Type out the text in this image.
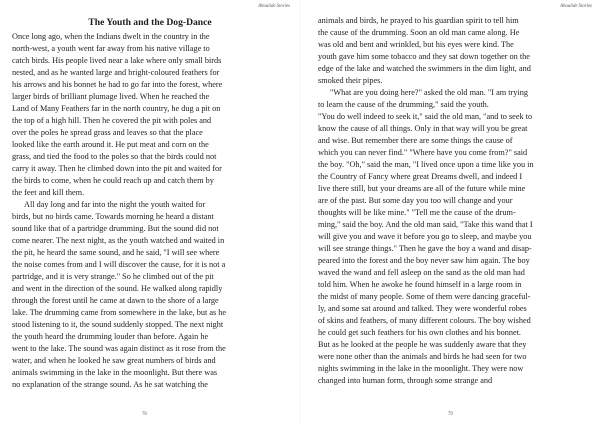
Ahoalide Stories
The Youth and the Dog-Dance

Once long ago, when the Indians dwelt in the country in the

north-west, a youth went far away from his native village to

catch birds. His people lived near a lake where only small birds

nested, and as he wanted large and bright-coloured feathers for

his arrows and his bonnet he had to go far into the forest, where

larger birds of brilliant plumage lived. When he reached the

Land of Many Feathers far in the north country, he dug a pit on

the top of a high hill. Then he covered the pit with poles and

over the poles he spread grass and leaves so that the place

looked like the earth around it. He put meat and corn on the

grass, and tied the food to the poles so that the birds could not

carry it away. Then he climbed down into the pit and waited for

the birds to come, when he could reach up and catch them by

the feet and kill them.

All day long and far into the night the youth waited for

birds, but no birds came. Towards morning he heard a distant

sound like that of a partridge drumming. But the sound did not

come nearer. The next night, as the youth watched and waited in

the pit, he heard the same sound, and he said, "I will see where

the noise comes from and I will discover the cause, for it is not a

partridge, and it is very strange." So he climbed out of the pit

and went in the direction of the sound. He walked along rapidly

through the forest until he came at dawn to the shore of a large

lake. The drumming came from somewhere in the lake, but as he

stood listening to it, the sound suddenly stopped. The next night

the youth heard the drumming louder than before. Again he

went to the lake. The sound was again distinct as it rose from the

water, and when he looked he saw great numbers of birds and

animals swimming in the lake in the moonlight. But there was

no explanation of the strange sound. As he sat watching the

78
Ahoalide Stories

animals and birds, he prayed to his guardian spirit to tell him

the cause of the drumming. Soon an old man came along. He

was old and bent and wrinkled, but his eyes were kind. The

youth gave him some tobacco and they sat down together on the

edge of the lake and watched the swimmers in the dim light, and

smoked their pipes.

"What are you doing here?" asked the old man. "I am trying

to learn the cause of the drumming," said the youth.

"You do well indeed to seek it," said the old man, "and to seek to

know the cause of all things. Only in that way will you be great

and wise. But remember there are some things the cause of

which you can never find." "Where have you come from?" said

the boy. "Oh," said the man, "I lived once upon a time like you in

the Country of Fancy where great Dreams dwell, and indeed I

live there still, but your dreams are all of the future while mine

are of the past. But some day you too will change and your

thoughts will be like mine." "Tell me the cause of the drum-

ming," said the boy. And the old man said, "Take this wand that I

will give you and wave it before you go to sleep, and maybe you

will see strange things." Then he gave the boy a wand and disap-

peared into the forest and the boy never saw him again. The boy

waved the wand and fell asleep on the sand as the old man had

told him. When he awoke he found himself in a large room in

the midst of many people. Some of them were dancing graceful-

ly, and some sat around and talked. They were wonderful robes

of skins and feathers, of many different colours. The boy wished

he could get such feathers for his own clothes and his bonnet.

But as he looked at the people he was suddenly aware that they

were none other than the animals and birds he had seen for two

nights swimming in the lake in the moonlight. They were now

changed into human form, through some strange and

79
